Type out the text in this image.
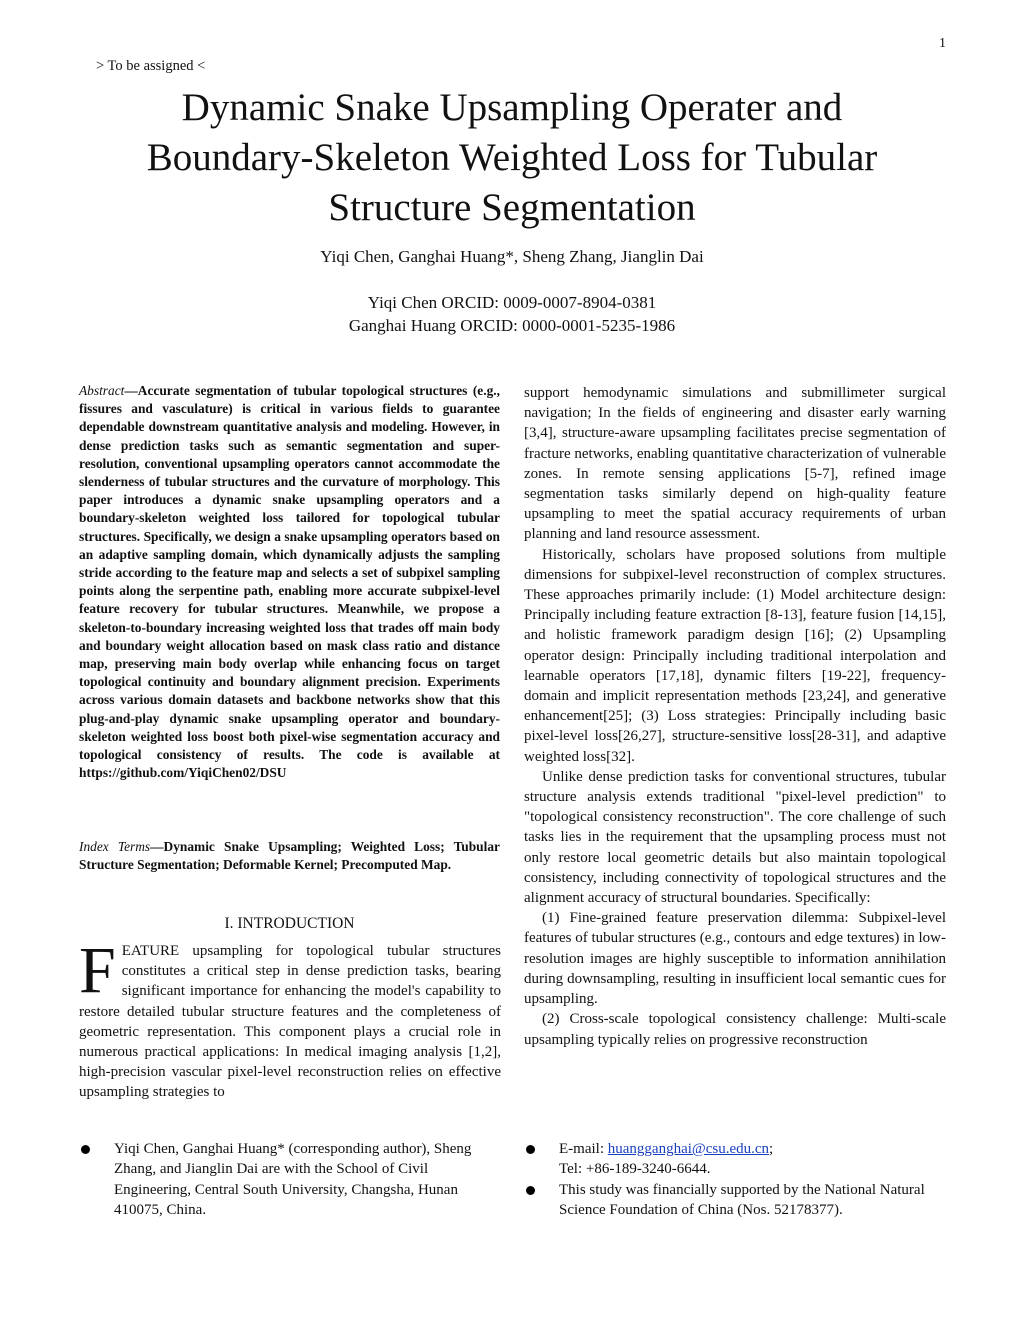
1
> To be assigned <
Dynamic Snake Upsampling Operater and
Boundary-Skeleton Weighted Loss for Tubular
Structure Segmentation
Yiqi Chen, Ganghai Huang*, Sheng Zhang, Jianglin Dai
Yiqi Chen ORCID: 0009-0007-8904-0381
Ganghai Huang ORCID: 0000-0001-5235-1986
Abstract—Accurate segmentation of tubular topological structures (e.g., fissures and vasculature) is critical in various fields to guarantee dependable downstream quantitative analysis and modeling. However, in dense prediction tasks such as semantic segmentation and super-resolution, conventional upsampling operators cannot accommodate the slenderness of tubular structures and the curvature of morphology. This paper introduces a dynamic snake upsampling operators and a boundary-skeleton weighted loss tailored for topological tubular structures. Specifically, we design a snake upsampling operators based on an adaptive sampling domain, which dynamically adjusts the sampling stride according to the feature map and selects a set of subpixel sampling points along the serpentine path, enabling more accurate subpixel-level feature recovery for tubular structures. Meanwhile, we propose a skeleton-to-boundary increasing weighted loss that trades off main body and boundary weight allocation based on mask class ratio and distance map, preserving main body overlap while enhancing focus on target topological continuity and boundary alignment precision. Experiments across various domain datasets and backbone networks show that this plug-and-play dynamic snake upsampling operator and boundary-skeleton weighted loss boost both pixel-wise segmentation accuracy and topological consistency of results. The code is available at https://github.com/YiqiChen02/DSU
Index Terms—Dynamic Snake Upsampling; Weighted Loss; Tubular Structure Segmentation; Deformable Kernel; Precomputed Map.
I. INTRODUCTION

FEATURE upsampling for topological tubular structures constitutes a critical step in dense prediction tasks, bearing significant importance for enhancing the model's capability to restore detailed tubular structure features and the completeness of geometric representation. This component plays a crucial role in numerous practical applications: In medical imaging analysis [1,2], high-precision vascular pixel-level reconstruction relies on effective upsampling strategies to

support hemodynamic simulations and submillimeter surgical navigation; In the fields of engineering and disaster early warning [3,4], structure-aware upsampling facilitates precise segmentation of fracture networks, enabling quantitative characterization of vulnerable zones. In remote sensing applications [5-7], refined image segmentation tasks similarly depend on high-quality feature upsampling to meet the spatial accuracy requirements of urban planning and land resource assessment.

Historically, scholars have proposed solutions from multiple dimensions for subpixel-level reconstruction of complex structures. These approaches primarily include: (1) Model architecture design: Principally including feature extraction [8-13], feature fusion [14,15], and holistic framework paradigm design [16]; (2) Upsampling operator design: Principally including traditional interpolation and learnable operators [17,18], dynamic filters [19-22], frequency-domain and implicit representation methods [23,24], and generative enhancement[25]; (3) Loss strategies: Principally including basic pixel-level loss[26,27], structure-sensitive loss[28-31], and adaptive weighted loss[32].

Unlike dense prediction tasks for conventional structures, tubular structure analysis extends traditional "pixel-level prediction" to "topological consistency reconstruction". The core challenge of such tasks lies in the requirement that the upsampling process must not only restore local geometric details but also maintain topological consistency, including connectivity of topological structures and the alignment accuracy of structural boundaries. Specifically:

(1) Fine-grained feature preservation dilemma: Subpixel-level features of tubular structures (e.g., contours and edge textures) in low-resolution images are highly susceptible to information annihilation during downsampling, resulting in insufficient local semantic cues for upsampling.

(2) Cross-scale topological consistency challenge: Multi-scale upsampling typically relies on progressive reconstruction

Yiqi Chen, Ganghai Huang* (corresponding author), Sheng Zhang, and Jianglin Dai are with the School of Civil Engineering, Central South University, Changsha, Hunan 410075, China.
E-mail: huangganghai@csu.edu.cn;
Tel: +86-189-3240-6644.
This study was financially supported by the National Natural Science Foundation of China (Nos. 52178377).
